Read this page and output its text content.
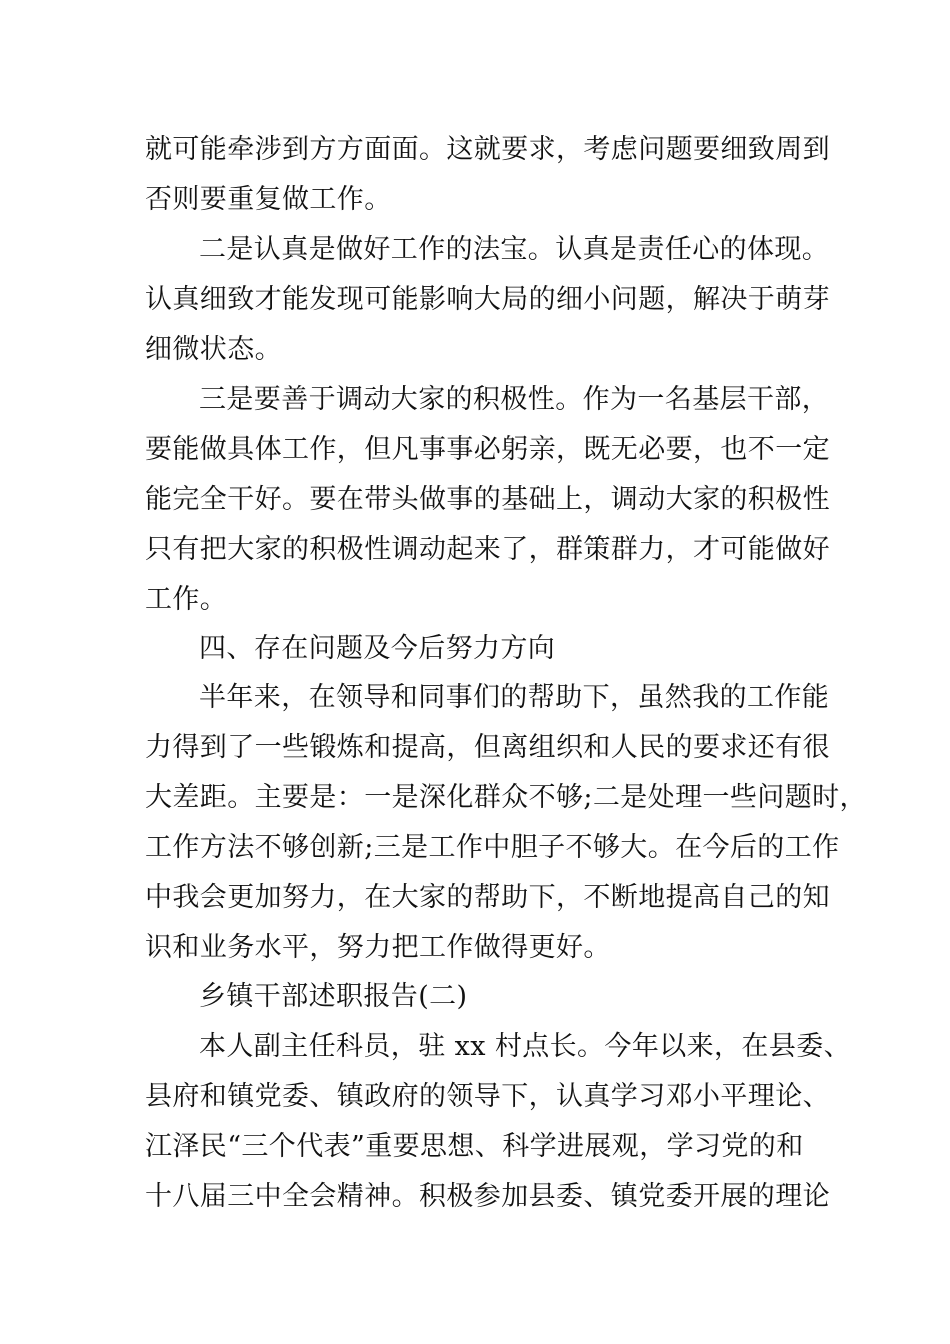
就可能牵涉到方方面面。这就要求，考虑问题要细致周到
否则要重复做工作。
二是认真是做好工作的法宝。认真是责任心的体现。
认真细致才能发现可能影响大局的细小问题，解决于萌芽
细微状态。
三是要善于调动大家的积极性。作为一名基层干部，
要能做具体工作，但凡事事必躬亲，既无必要，也不一定
能完全干好。要在带头做事的基础上，调动大家的积极性
只有把大家的积极性调动起来了，群策群力，才可能做好
工作。
四、存在问题及今后努力方向
半年来，在领导和同事们的帮助下，虽然我的工作能
力得到了一些锻炼和提高，但离组织和人民的要求还有很
大差距。主要是：一是深化群众不够;二是处理一些问题时，
工作方法不够创新;三是工作中胆子不够大。在今后的工作
中我会更加努力，在大家的帮助下，不断地提高自己的知
识和业务水平，努力把工作做得更好。
乡镇干部述职报告(二)
本人副主任科员，驻 xx 村点长。今年以来，在县委、
县府和镇党委、镇政府的领导下，认真学习邓小平理论、
江泽民“三个代表”重要思想、科学进展观，学习党的和
十八届三中全会精神。积极参加县委、镇党委开展的理论
